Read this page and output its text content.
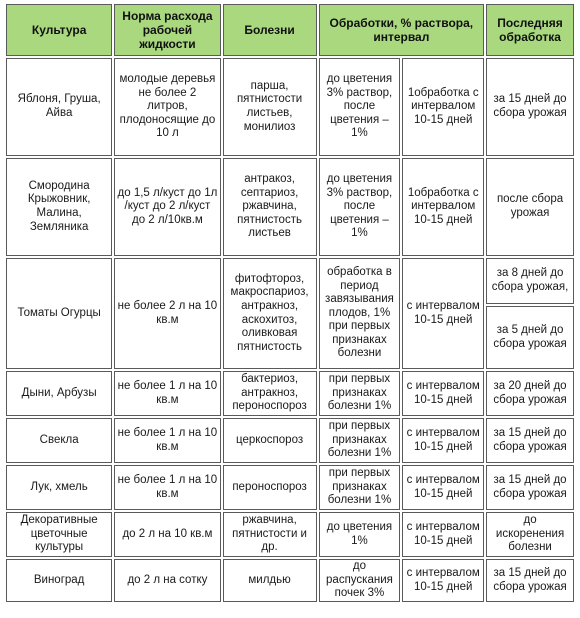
Культура	Норма расхода рабочей жидкости	Болезни	Обработки, % раствора, интервал		Последняя обработка
Яблоня, Груша, Айва	молодые деревья не более 2 литров, плодоносящие до 10 л	парша, пятнистости листьев, монилиоз	до цветения 3% раствор, после цветения – 1%	1обработка с интервалом 10-15 дней	за 15 дней до сбора урожая
Смородина Крыжовник, Малина, Земляника	до 1,5 л/куст до 1л /куст до 2 л/куст до 2 л/10кв.м	антракоз, септариоз, ржавчина, пятнистость листьев	до цветения 3% раствор, после цветения – 1%	1обработка с интервалом 10-15 дней	после сбора урожая
Томаты Огурцы	не более 2 л на 10 кв.м	фитофтороз, макроспариоз, антракноз, аскохитоз, оливковая пятнистость	обработка в период завязывания плодов, 1% при первых признаках болезни	с интервалом 10-15 дней	за 8 дней до сбора урожая,
					за 5 дней до сбора урожая
Дыни, Арбузы	не более 1 л на 10 кв.м	бактериоз, антракноз, пероноспороз	при первых признаках болезни 1%	с интервалом 10-15 дней	за 20 дней до сбора урожая
Свекла	не более 1 л на 10 кв.м	церкоспороз	при первых признаках болезни 1%	с интервалом 10-15 дней	за 15 дней до сбора урожая
Лук, хмель	не более 1 л на 10 кв.м	пероноспороз	при первых признаках болезни 1%	с интервалом 10-15 дней	за 15 дней до сбора урожая
Декоративные цветочные культуры	до 2 л на 10 кв.м	ржавчина, пятнистости и др.	до цветения 1%	с интервалом 10-15 дней	до искоренения болезни
Виноград	до 2 л на сотку	милдью	до распускания почек 3%	с интервалом 10-15 дней	за 15 дней до сбора урожая
